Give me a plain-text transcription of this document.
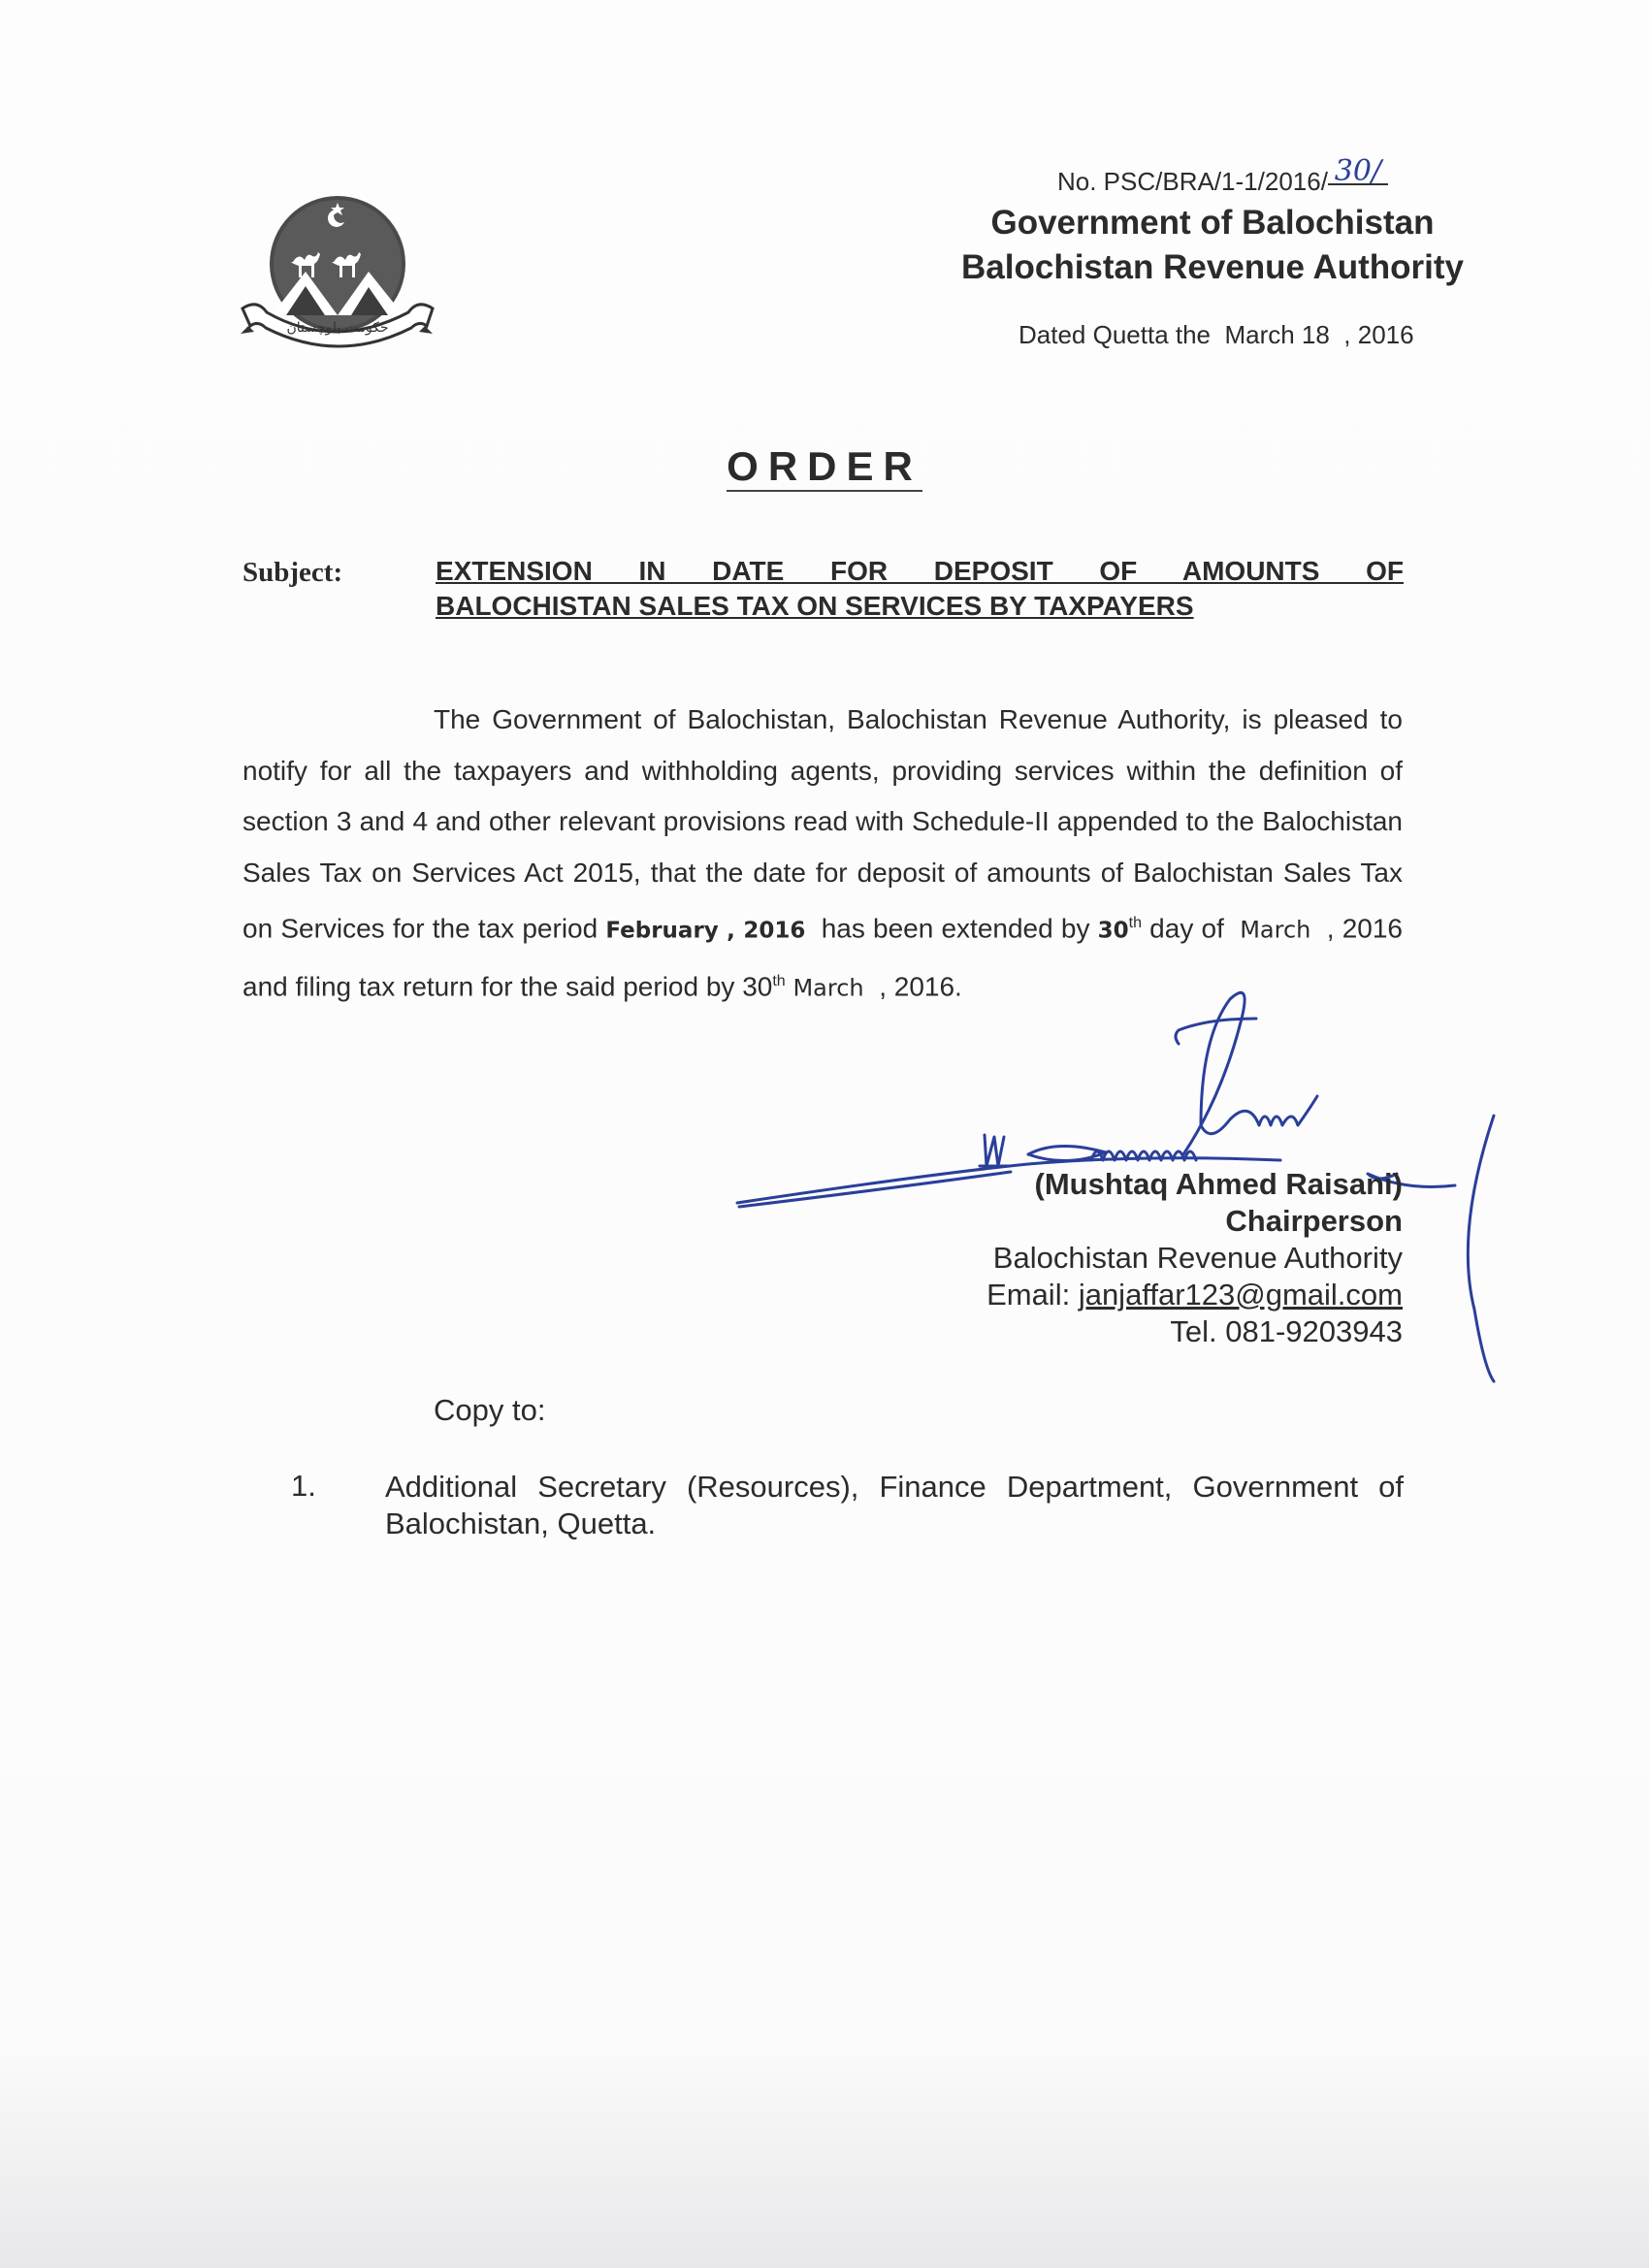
حکومت بلوچستان
No. PSC/BRA/1-1/2016/ 30/
Government of Balochistan
Balochistan Revenue Authority
Dated Quetta the  March 18  , 2016
ORDER
Subject:	EXTENSION IN DATE FOR DEPOSIT OF AMOUNTS OF
BALOCHISTAN SALES TAX ON SERVICES BY TAXPAYERS
The Government of Balochistan, Balochistan Revenue Authority, is pleased to notify for all the taxpayers and withholding agents, providing services within the definition of section 3 and 4 and other relevant provisions read with Schedule-II appended to the Balochistan Sales Tax on Services Act 2015, that the date for deposit of amounts of Balochistan Sales Tax on Services for the tax period February , 2016  has been extended by 30th day of  March  , 2016 and filing tax return for the said period by 30th March  , 2016.
(Mushtaq Ahmed Raisani)
Chairperson
Balochistan Revenue Authority
Email: janjaffar123@gmail.com
Tel. 081-9203943
Copy to:
1. Additional Secretary (Resources), Finance Department, Government of Balochistan, Quetta.
